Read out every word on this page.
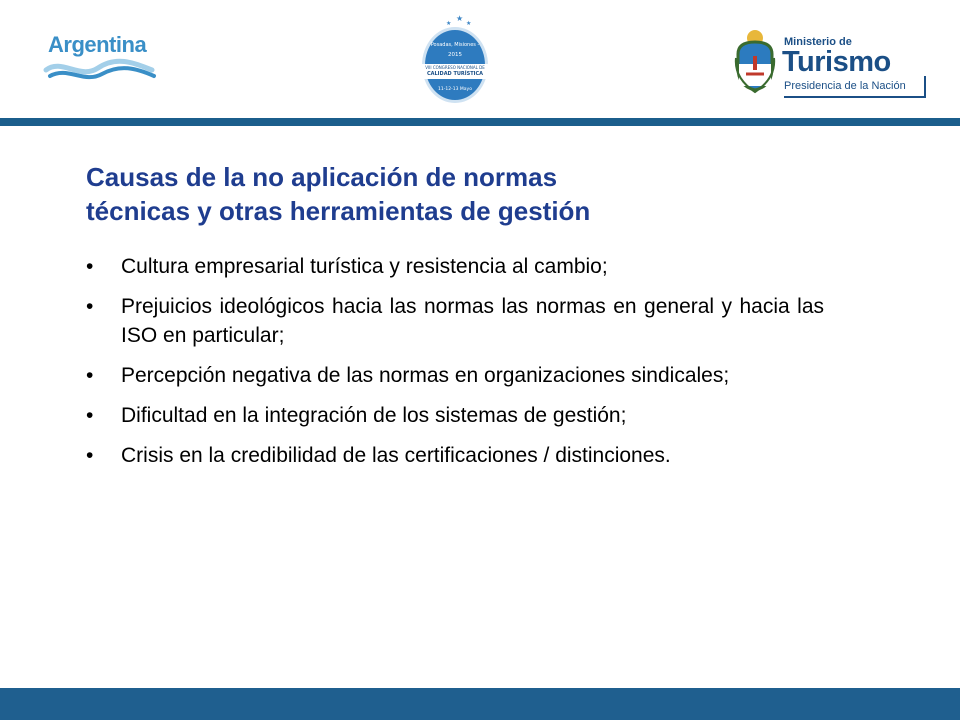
Argentina
★
★
★
Posadas, Misiones -
2015
VIII CONGRESO NACIONAL DE
CALIDAD TURÍSTICA
11-12-13 Mayo
Ministerio de
Turismo
Presidencia de la Nación
Causas de la no aplicación de normas
técnicas y otras herramientas de gestión
• Cultura empresarial turística y resistencia al cambio;
• Prejuicios ideológicos hacia las normas las normas en general y hacia las ISO en particular;
• Percepción negativa de las normas en organizaciones sindicales;
• Dificultad en la integración de los sistemas de gestión;
• Crisis en la credibilidad de las certificaciones / distinciones.
